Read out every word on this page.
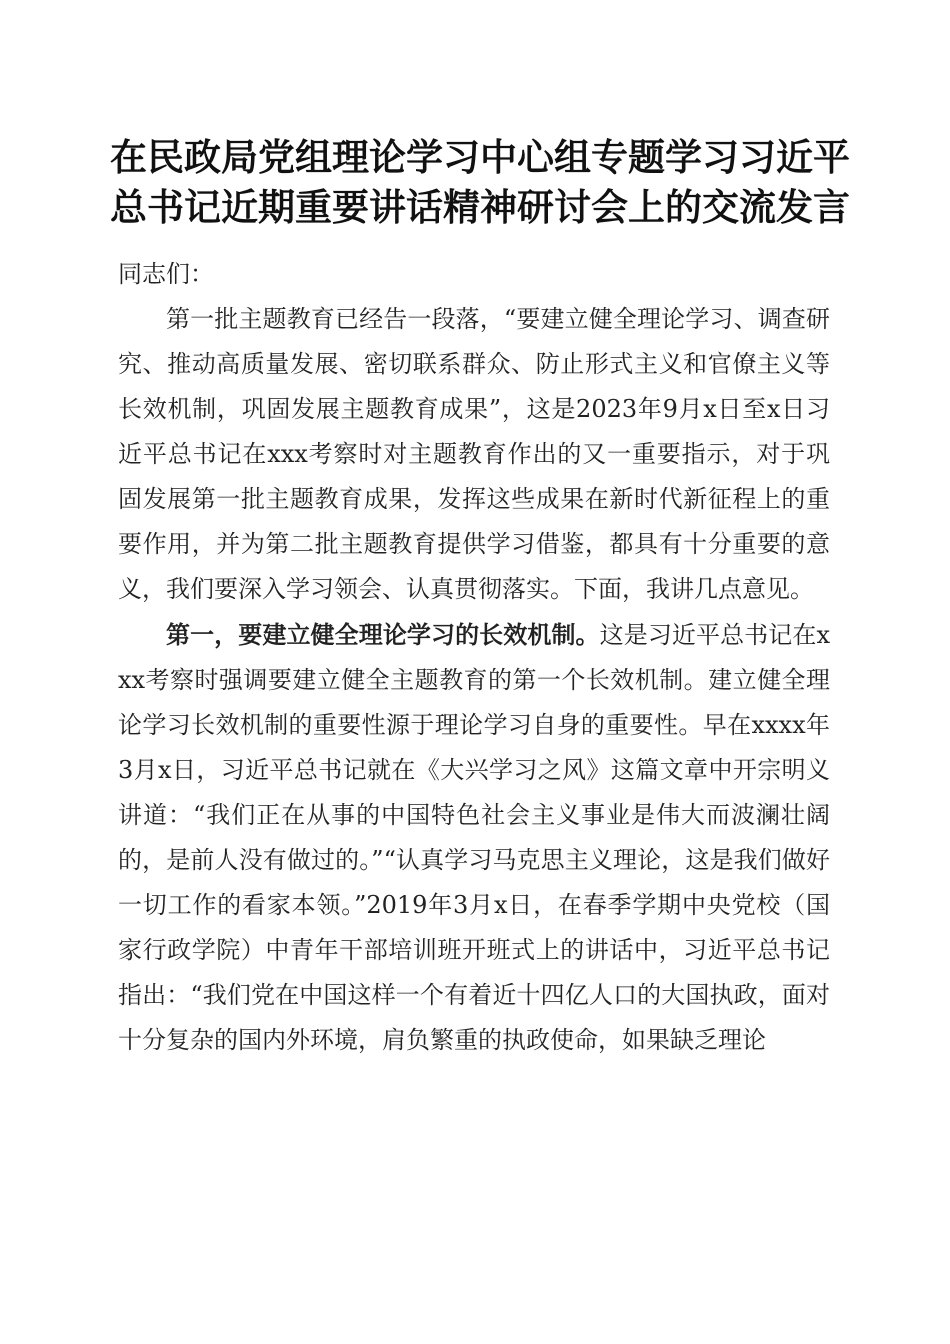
在民政局党组理论学习中心组专题学习习近平
总书记近期重要讲话精神研讨会上的交流发言

同志们：

第一批主题教育已经告一段落，“要建立健全理论学习、调查研究、推动高质量发展、密切联系群众、防止形式主义和官僚主义等长效机制，巩固发展主题教育成果”，这是2023年9月x日至x日习近平总书记在xxx考察时对主题教育作出的又一重要指示，对于巩固发展第一批主题教育成果，发挥这些成果在新时代新征程上的重要作用，并为第二批主题教育提供学习借鉴，都具有十分重要的意义，我们要深入学习领会、认真贯彻落实。下面，我讲几点意见。

第一，要建立健全理论学习的长效机制。这是习近平总书记在xxx考察时强调要建立健全主题教育的第一个长效机制。建立健全理论学习长效机制的重要性源于理论学习自身的重要性。早在xxxx年3月x日，习近平总书记就在《大兴学习之风》这篇文章中开宗明义讲道：“我们正在从事的中国特色社会主义事业是伟大而波澜壮阔的，是前人没有做过的。”“认真学习马克思主义理论，这是我们做好一切工作的看家本领。”2019年3月x日，在春季学期中央党校（国家行政学院）中青年干部培训班开班式上的讲话中，习近平总书记指出：“我们党在中国这样一个有着近十四亿人口的大国执政，面对十分复杂的国内外环境，肩负繁重的执政使命，如果缺乏理论
